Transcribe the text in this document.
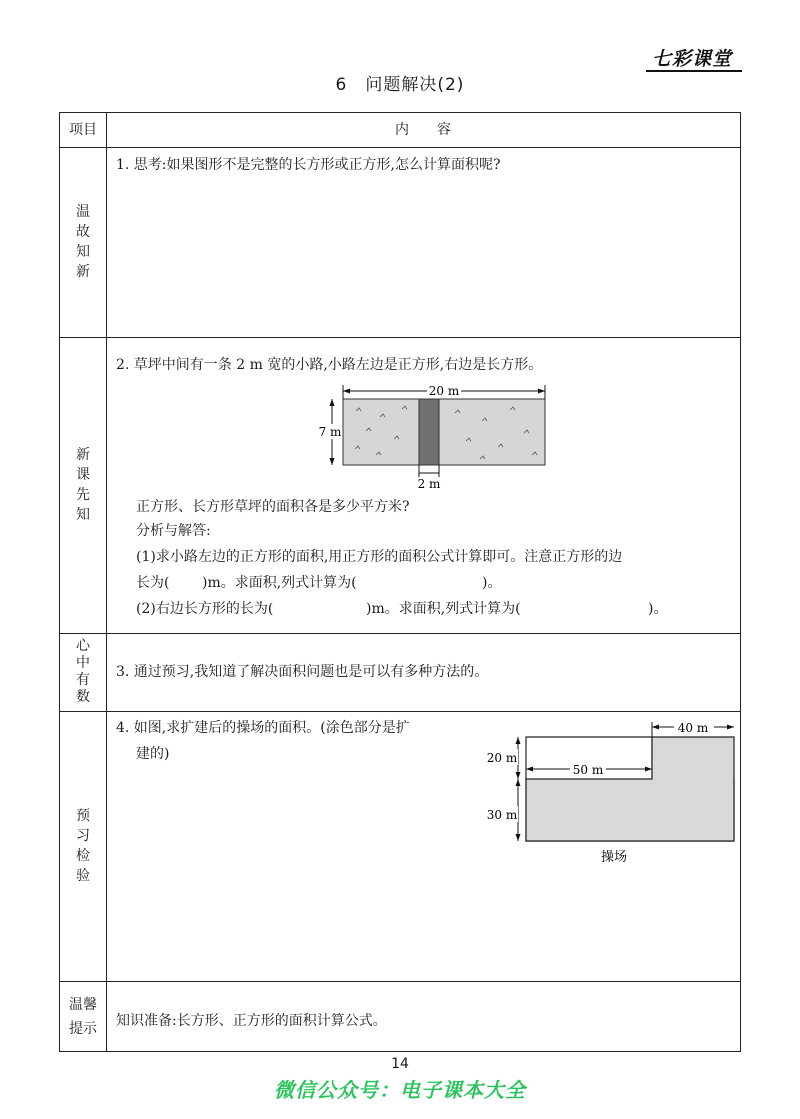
七彩课堂
6　问题解决(2)
项目	内　　容
温故知新
1. 思考:如果图形不是完整的长方形或正方形,怎么计算面积呢?
新课先知
2. 草坪中间有一条 2 m 宽的小路,小路左边是正方形,右边是长方形。
20 m
7 m
2 m
正方形、长方形草坪的面积各是多少平方米?
分析与解答:
(1)求小路左边的正方形的面积,用正方形的面积公式计算即可。注意正方形的边
长为( )m。求面积,列式计算为(	)。
(2)右边长方形的长为(	)m。求面积,列式计算为(	)。
心中有数
3. 通过预习,我知道了解决面积问题也是可以有多种方法的。
预习检验
4. 如图,求扩建后的操场的面积。(涂色部分是扩
建的)
40 m
50 m
20 m
30 m
操场
温馨提示 知识准备:长方形、正方形的面积计算公式。
14
微信公众号：电子课本大全
